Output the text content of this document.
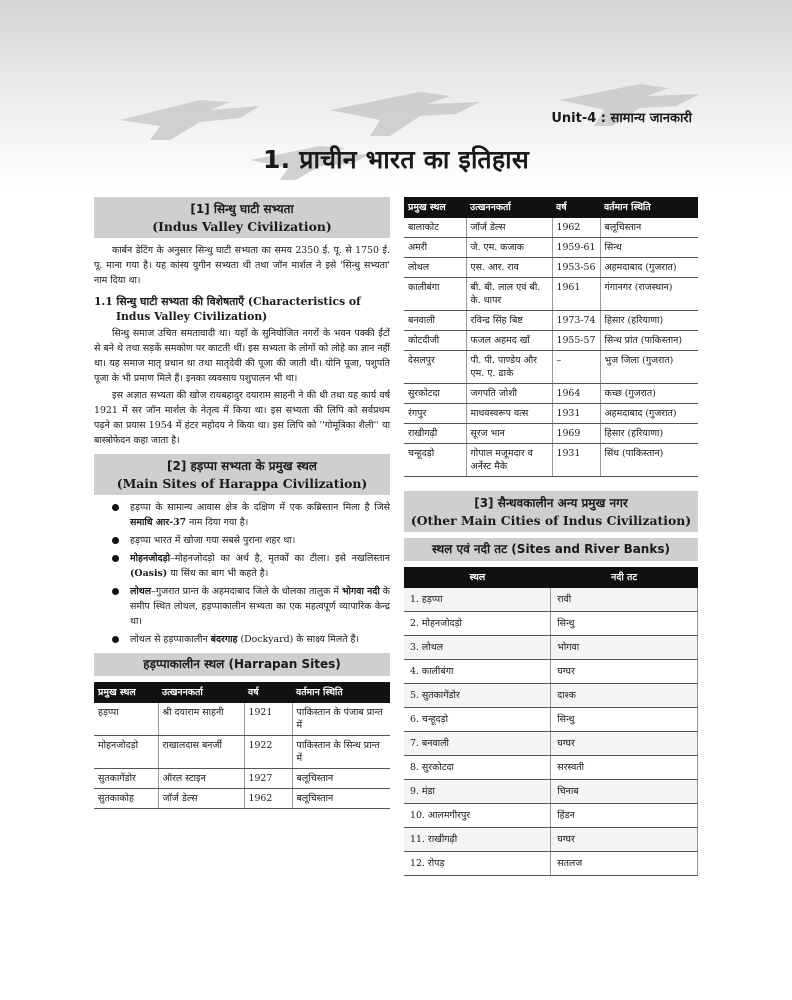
Unit-4 : सामान्य जानकारी
1. प्राचीन भारत का इतिहास
[1] सिन्धु घाटी सभ्यता
(Indus Valley Civilization)

कार्बन डेटिंग के अनुसार सिन्धु घाटी सभ्यता का समय 2350 ई. पू. से 1750 ई. पू. माना गया है। यह कांस्य युगीन सभ्यता थी तथा जॉन मार्शल ने इसे 'सिन्धु सभ्यता' नाम दिया था।

1.1 सिन्धु घाटी सभ्यता की विशेषताएँ (Characteristics of Indus Valley Civilization)

सिन्धु समाज उचित समतावादी था। यहाँ के सुनियोजित नगरों के भवन पक्की ईंटों से बने थे तथा सड़कें समकोण पर काटती थीं। इस सभ्यता के लोगों को लोहे का ज्ञान नहीं था। यह समाज मातृ प्रधान था तथा मातृदेवी की पूजा की जाती थी। योनि पूजा, पशुपति पूजा के भी प्रमाण मिले हैं। इनका व्यवसाय पशुपालन भी था।

इस अज्ञात सभ्यता की खोज रायबहादुर दयाराम साहनी ने की थी तथा यह कार्य वर्ष 1921 में सर जॉन मार्शल के नेतृत्व में किया था। इस सभ्यता की लिपि को सर्वप्रथम पढ़ने का प्रयास 1954 में हंटर महोदय ने किया था। इस लिपि को ''गोमूत्रिका शैली'' या बास्त्रोफेदन कहा जाता है।

[2] हड़प्पा सभ्यता के प्रमुख स्थल
(Main Sites of Harappa Civilization)
हड़प्पा के सामान्य आवास क्षेत्र के दक्षिण में एक कब्रिस्तान मिला है जिसे समाधि आर-37 नाम दिया गया है।
हड़प्पा भारत में खोजा गया सबसे पुराना शहर था।
मोहनजोदड़ो–मोहनजोदड़ो का अर्थ है, मृतकों का टीला। इसे नखलिस्तान (Oasis) या सिंध का बाग भी कहते है।
लोथल–गुजरात प्रान्त के अहमदाबाद जिले के धोलका तालुक में भोगवा नदी के समीप स्थित लोथल, हड़प्पाकालीन सभ्यता का एक महत्वपूर्ण व्यापारिक केन्द्र था।
लोथल से हड़प्पाकालीन बंदरगाह (Dockyard) के साक्ष्य मिलते हैं।
हड़प्पाकालीन स्थल (Harrapan Sites)
प्रमुख स्थल	उत्खननकर्ता	वर्ष	वर्तमान स्थिति
हड़प्पा	श्री दयाराम साहनी	1921	पाकिस्तान के पंजाब प्रान्त में
मोहनजोदड़ो	राखालदास बनर्जी	1922	पाकिस्तान के सिन्ध प्रान्त में
सुतकागेंडोर	ऑरल स्टाइन	1927	बलूचिस्तान
सुतकाकोह	जॉर्ज डेल्स	1962	बलूचिस्तान
प्रमुख स्थल	उत्खननकर्ता	वर्ष	वर्तमान स्थिति
बालाकोट	जॉर्ज डेल्स	1962	बलूचिस्तान
अमरी	जे. एम. कजाक	1959-61	सिन्ध
लोथल	एस. आर. राव	1953-56	अहमदाबाद (गुजरात)
कालीबंगा	बी. बी. लाल एवं बी. के. थापर	1961	गंगानगर (राजस्थान)
बनवाली	रविन्द्र सिंह बिष्ट	1973-74	हिसार (हरियाणा)
कोटदीजी	फजल अहमद खाँ	1955-57	सिन्ध प्रांत (पाकिस्तान)
देसलपुर	पी. पी. पाण्डेय और एम. ए. ढाके	–	भुज जिला (गुजरात)
सुरकोटदा	जगपति जोशी	1964	कच्छ (गुजरात)
रंगपुर	माधवस्वरूप वत्स	1931	अहमदाबाद (गुजरात)
राखीगढ़ी	सूरज भान	1969	हिसार (हरियाणा)
चन्हूदड़ो	गोपाल मजूमदार व अर्नेस्ट मैके	1931	सिंध (पाकिस्तान)
[3] सैन्धवकालीन अन्य प्रमुख नगर
(Other Main Cities of Indus Civilization)
स्थल एवं नदी तट (Sites and River Banks)
स्थल	नदी तट
1. हड़प्पा	रावी
2. मोहनजोदड़ो	सिन्धु
3. लोथल	भोगवा
4. कालीबंगा	घग्घर
5. सुतकागेंडोर	दाश्क
6. चन्हूदड़ो	सिन्धु
7. बनवाली	घग्घर
8. सुरकोटदा	सरस्वती
9. मंडा	चिनाब
10. आलमगीरपुर	हिंडन
11. राखीगढ़ी	घग्घर
12. रोपड़	सतलज
